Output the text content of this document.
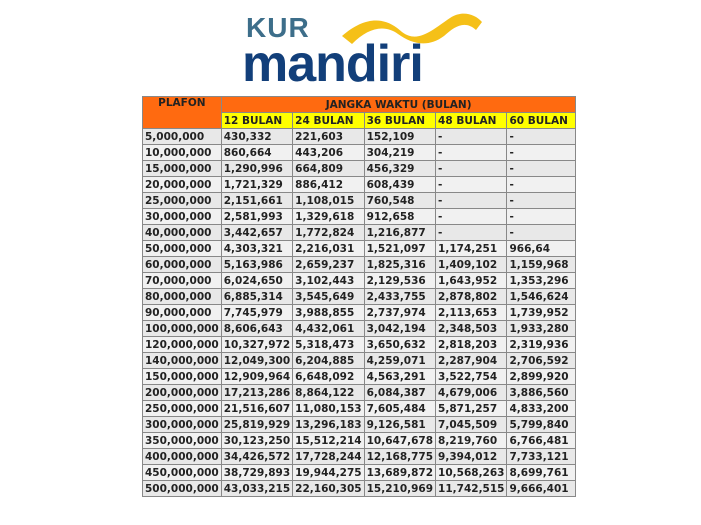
KUR
mandiri
PLAFON	JANGKA WAKTU (BULAN)				
	12 BULAN	24 BULAN	36 BULAN	48 BULAN	60 BULAN
5,000,000	430,332	221,603	152,109	-	-
10,000,000	860,664	443,206	304,219	-	-
15,000,000	1,290,996	664,809	456,329	-	-
20,000,000	1,721,329	886,412	608,439	-	-
25,000,000	2,151,661	1,108,015	760,548	-	-
30,000,000	2,581,993	1,329,618	912,658	-	-
40,000,000	3,442,657	1,772,824	1,216,877	-	-
50,000,000	4,303,321	2,216,031	1,521,097	1,174,251	966,64
60,000,000	5,163,986	2,659,237	1,825,316	1,409,102	1,159,968
70,000,000	6,024,650	3,102,443	2,129,536	1,643,952	1,353,296
80,000,000	6,885,314	3,545,649	2,433,755	2,878,802	1,546,624
90,000,000	7,745,979	3,988,855	2,737,974	2,113,653	1,739,952
100,000,000	8,606,643	4,432,061	3,042,194	2,348,503	1,933,280
120,000,000	10,327,972	5,318,473	3,650,632	2,818,203	2,319,936
140,000,000	12,049,300	6,204,885	4,259,071	2,287,904	2,706,592
150,000,000	12,909,964	6,648,092	4,563,291	3,522,754	2,899,920
200,000,000	17,213,286	8,864,122	6,084,387	4,679,006	3,886,560
250,000,000	21,516,607	11,080,153	7,605,484	5,871,257	4,833,200
300,000,000	25,819,929	13,296,183	9,126,581	7,045,509	5,799,840
350,000,000	30,123,250	15,512,214	10,647,678	8,219,760	6,766,481
400,000,000	34,426,572	17,728,244	12,168,775	9,394,012	7,733,121
450,000,000	38,729,893	19,944,275	13,689,872	10,568,263	8,699,761
500,000,000	43,033,215	22,160,305	15,210,969	11,742,515	9,666,401
